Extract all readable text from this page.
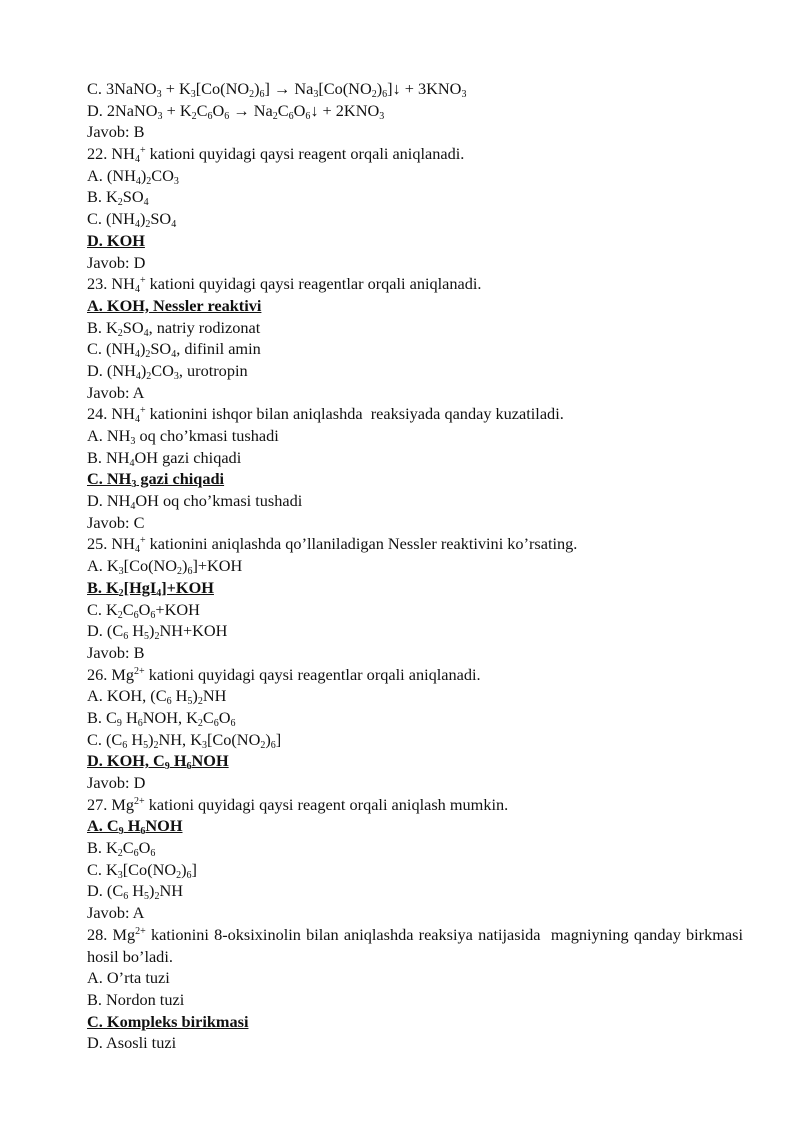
C. 3NaNO$_3$ + $K_3[Co(NO_2)_6]$ → $Na_3[Co(NO_2)_6]↓ + 3KNO_3$
D. 2NaNO$_3$ + $K_2C_6O_6$ → $Na_2C_6O_6↓ + 2KNO_3$
Javob: B
22. $NH_4^+$ kationi quyidagi qaysi reagent orqali aniqlanadi.
A. $(NH_4)_2CO_3$
B. $K_2SO_4$
C. $(NH_4)_2SO_4$
D. KOH
Javob: D
23. $NH_4^+$ kationi quyidagi qaysi reagentlar orqali aniqlanadi.
A. KOH, Nessler reaktivi
B. $K_2SO_4$, natriy rodizonat
C. $(NH_4)_2SO_4$, difinil amin
D. $(NH_4)_2CO_3$, urotropin
Javob: A
24. $NH_4^+$ kationini ishqor bilan aniqlashda  reaksiyada qanday kuzatiladi.
A. $NH_3$ oq cho’kmasi tushadi
B. $NH_4OH$ gazi chiqadi
C. $NH_3$ gazi chiqadi
D. $NH_4OH$ oq cho’kmasi tushadi
Javob: C
25. $NH_4^+$ kationini aniqlashda qo’llaniladigan Nessler reaktivini ko’rsating.
A. $K_3[Co(NO_2)_6]+KOH$
B. $K_2[HgI_4]+KOH$
C. $K_2C_6O_6+KOH$
D. ($C_6$ $H_5)_2NH+KOH$
Javob: B
26. $Mg^{2+}$ kationi quyidagi qaysi reagentlar orqali aniqlanadi.
A. KOH, ($C_6$ $H_5)_2NH$
B. $C_9$ $H_6NOH$, $K_2C_6O_6$
C. ($C_6$ $H_5)_2NH$, $K_3[Co(NO_2)_6]$
D. KOH, $C_9$ $H_6NOH$
Javob: D
27. $Mg^{2+}$ kationi quyidagi qaysi reagent orqali aniqlash mumkin.
A. $C_9$ $H_6NOH$
B. $K_2C_6O_6$
C. $K_3[Co(NO_2)_6]$
D. ($C_6$ $H_5)_2NH$
Javob: A
28. $Mg^{2+}$ kationini 8-oksixinolin bilan aniqlashda reaksiya natijasida  magniyning qanday birkmasi hosil bo’ladi.
A. O’rta tuzi
B. Nordon tuzi
C. Kompleks birikmasi
D. Asosli tuzi
